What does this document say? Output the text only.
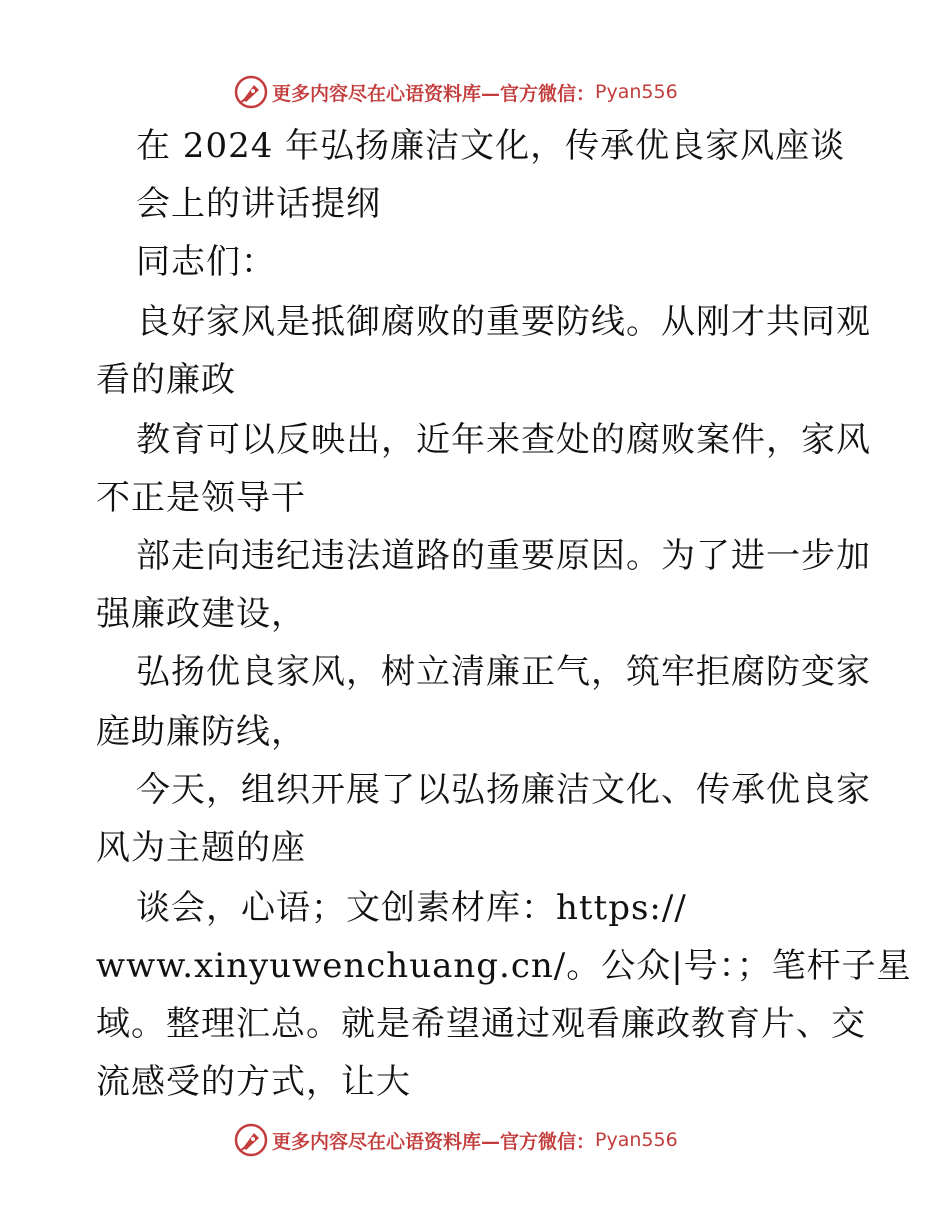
更多内容尽在心语资料库—官方微信： Pyan556
在 2024 年弘扬廉洁文化，传承优良家风座谈
会上的讲话提纲
同志们：
良好家风是抵御腐败的重要防线。从刚才共同观
看的廉政
教育可以反映出，近年来查处的腐败案件，家风
不正是领导干
部走向违纪违法道路的重要原因。为了进一步加
强廉政建设，
弘扬优良家风，树立清廉正气，筑牢拒腐防变家
庭助廉防线，
今天，组织开展了以弘扬廉洁文化、传承优良家
风为主题的座
谈会，心语；文创素材库：https://
www.xinyuwenchuang.cn/。公众|号：；笔杆子星
域。整理汇总。就是希望通过观看廉政教育片、交
流感受的方式，让大
更多内容尽在心语资料库—官方微信： Pyan556
